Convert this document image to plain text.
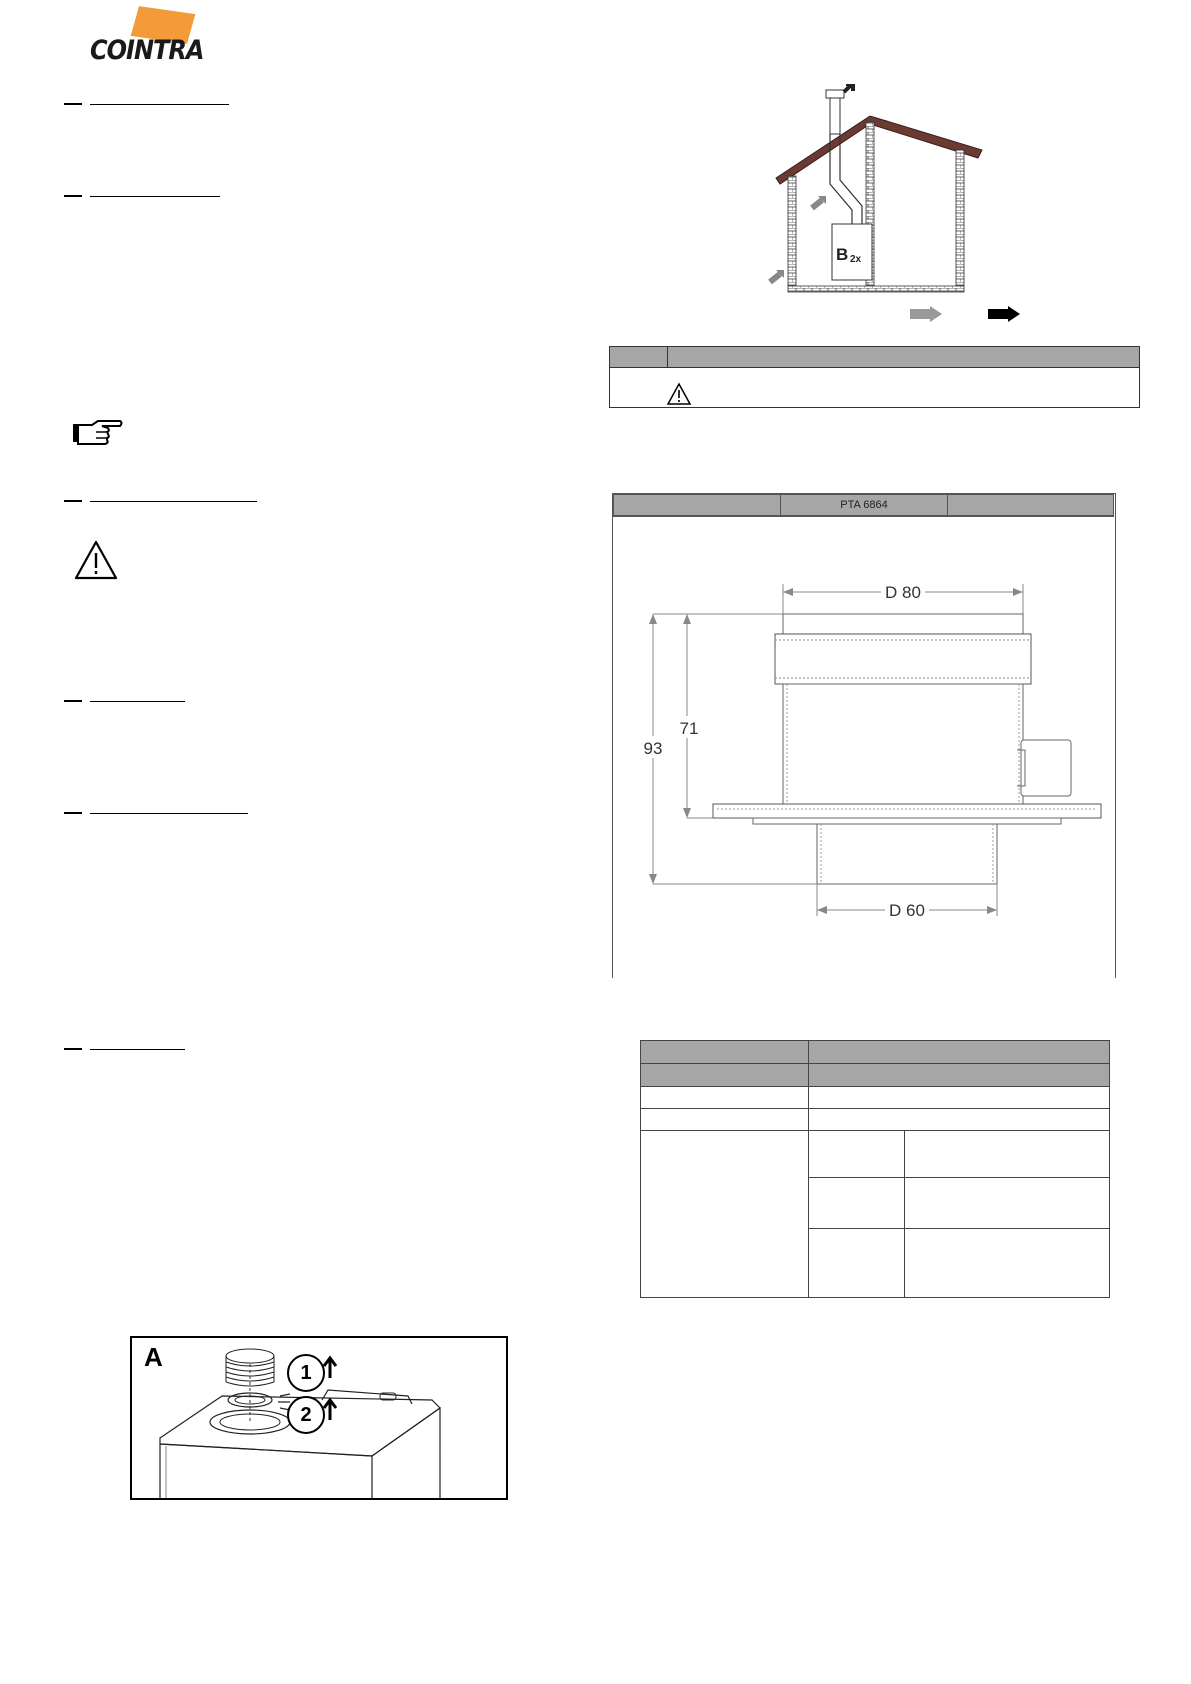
COINTRA
A
1
2
B 2x
PTA 6864
D 80
D 60
93
71
